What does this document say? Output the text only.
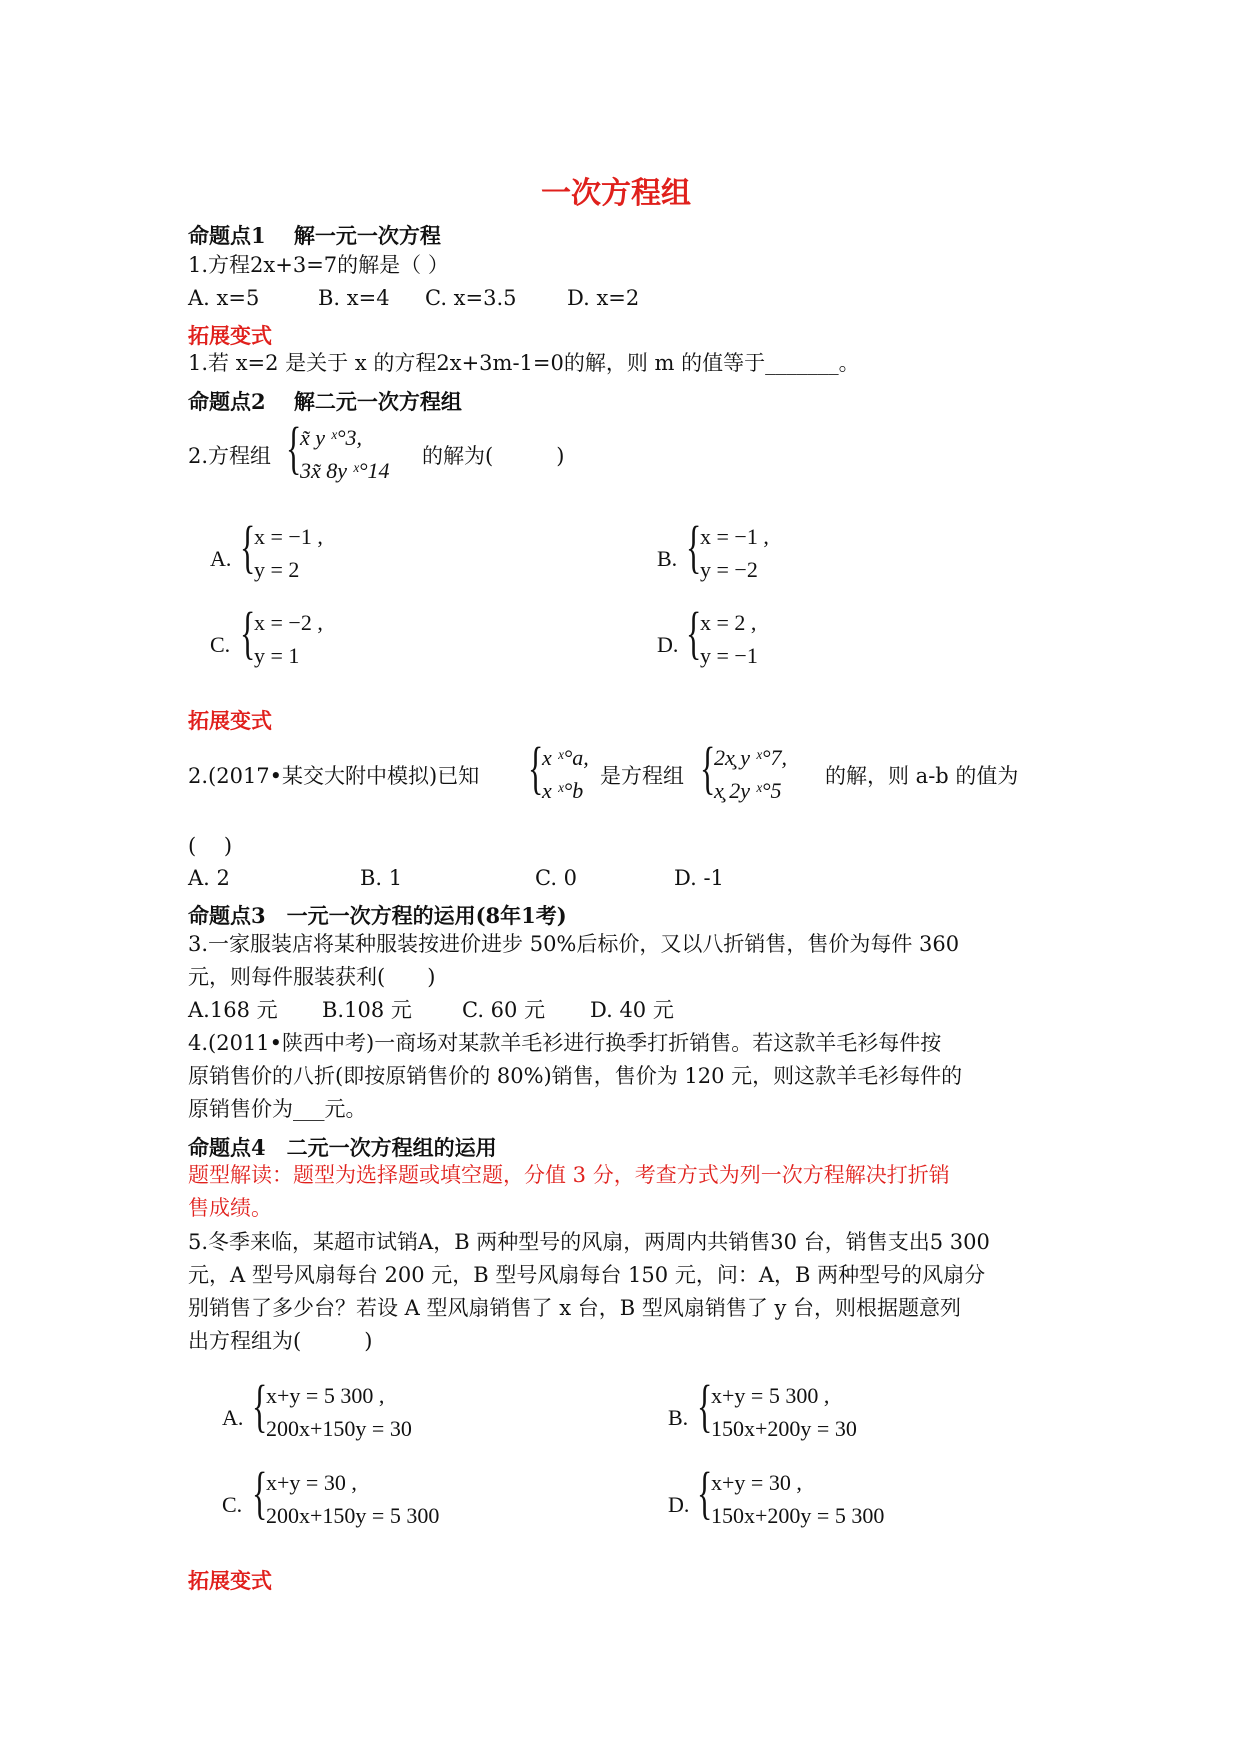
一次方程组
命题点1　 解一元一次方程
1.方程2x+3=7的解是（ ）
A. x=5	B. x=4 C. x=3.5 D. x=2
拓展变式
1.若 x=2 是关于 x 的方程2x+3m-1=0的解，则 m 的值等于_______。
命题点2　 解二元一次方程组
2.方程组 {
x̃ y ˣ°3,
3x̃ 8y ˣ°14
的解为(　　　)
A. {
x = −1 ,
y = 2	B. {
x = −1 ,
y = −2
C. {
x = −2 ,
y = 1	D. {
x = 2 ,
y = −1
拓展变式
2.(2017•某交大附中模拟)已知 {
x ˣ°a,
x ˣ°b
是方程组 {
2x̧ y ˣ°7,
x̧ 2y ˣ°5
的解，则 a-b 的值为
(　 )
A. 2	B. 1	C. 0	D. -1
命题点3　一元一次方程的运用(8年1考)
3.一家服装店将某种服装按进价进步 50%后标价，又以八折销售，售价为每件 360
元，则每件服装获利(　　)
A.168 元 B.108 元 C. 60 元 D. 40 元
4.(2011•陕西中考)一商场对某款羊毛衫进行换季打折销售。若这款羊毛衫每件按
原销售价的八折(即按原销售价的 80%)销售，售价为 120 元，则这款羊毛衫每件的
原销售价为___元。
命题点4　二元一次方程组的运用
题型解读：题型为选择题或填空题，分值 3 分，考查方式为列一次方程解决打折销
售成绩。
5.冬季来临，某超市试销A，B 两种型号的风扇，两周内共销售30 台，销售支出5 300
元，A 型号风扇每台 200 元，B 型号风扇每台 150 元，问：A，B 两种型号的风扇分
别销售了多少台？若设 A 型风扇销售了 x 台，B 型风扇销售了 y 台，则根据题意列
出方程组为(　　　)
A. {
x+y = 5 300 ,
200x+150y = 30	B. {
x+y = 5 300 ,
150x+200y = 30
C. {
x+y = 30 ,
200x+150y = 5 300	D. {
x+y = 30 ,
150x+200y = 5 300
拓展变式
